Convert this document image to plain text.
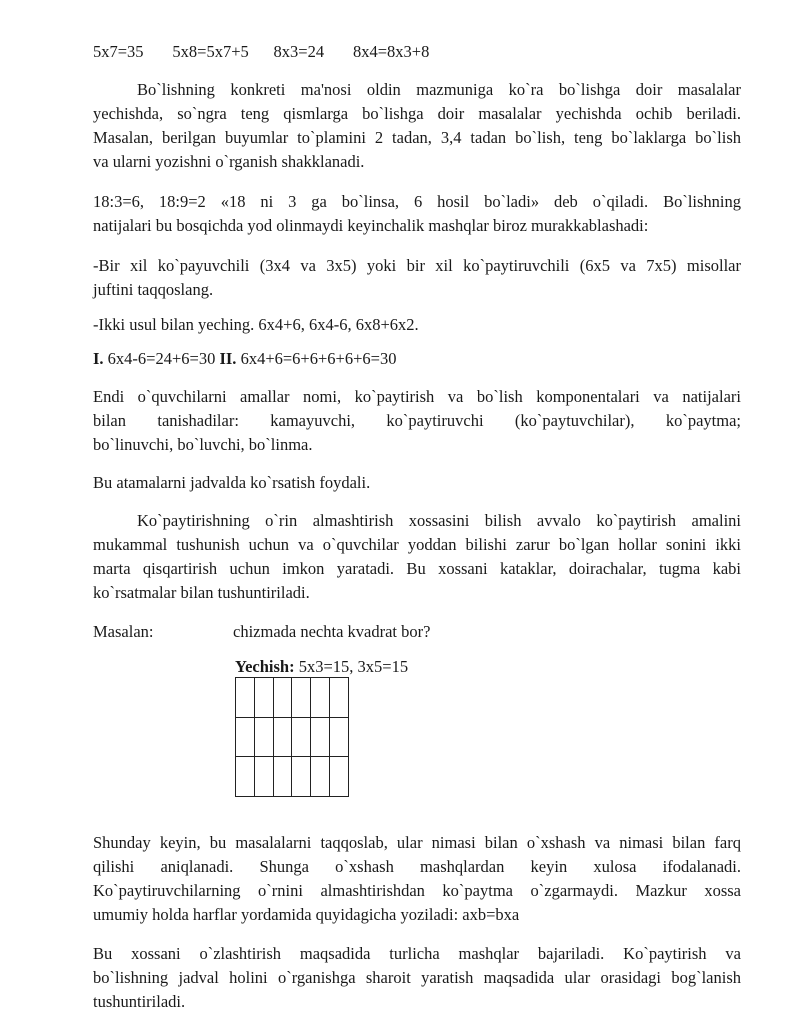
5x7=35       5x8=5x7+5      8x3=24       8x4=8x3+8
Bo`lishning konkreti ma'nosi oldin mazmuniga ko`ra bo`lishga doir masalalar
yechishda, so`ngra teng qismlarga bo`lishga doir masalalar yechishda ochib beriladi.
Masalan, berilgan buyumlar to`plamini 2 tadan, 3,4 tadan bo`lish, teng bo`laklarga bo`lish
va ularni yozishni o`rganish shakklanadi.
18:3=6, 18:9=2 «18 ni 3 ga bo`linsa, 6 hosil bo`ladi» deb o`qiladi. Bo`lishning
natijalari bu bosqichda yod olinmaydi keyinchalik mashqlar biroz murakkablashadi:
-Bir xil ko`payuvchili (3x4 va 3x5) yoki bir xil ko`paytiruvchili (6x5 va 7x5) misollar
juftini taqqoslang.
-Ikki usul bilan yeching. 6x4+6, 6x4-6, 6x8+6x2.
I. 6x4-6=24+6=30 II. 6x4+6=6+6+6+6+6=30
Endi o`quvchilarni amallar nomi, ko`paytirish va bo`lish komponentalari va natijalari
bilan tanishadilar: kamayuvchi, ko`paytiruvchi (ko`paytuvchilar), ko`paytma;
bo`linuvchi, bo`luvchi, bo`linma.
Bu atamalarni jadvalda ko`rsatish foydali.
Ko`paytirishning o`rin almashtirish xossasini bilish avvalo ko`paytirish amalini
mukammal tushunish uchun va o`quvchilar yoddan bilishi zarur bo`lgan hollar sonini ikki
marta qisqartirish uchun imkon yaratadi. Bu xossani kataklar, doirachalar, tugma kabi
ko`rsatmalar bilan tushuntiriladi.
Masalan:	chizmada nechta kvadrat bor?
Yechish: 5x3=15, 3x5=15

Shunday keyin, bu masalalarni taqqoslab, ular nimasi bilan o`xshash va nimasi bilan farq
qilishi aniqlanadi. Shunga o`xshash mashqlardan keyin xulosa ifodalanadi.
Ko`paytiruvchilarning o`rnini almashtirishdan ko`paytma o`zgarmaydi. Mazkur xossa
umumiy holda harflar yordamida quyidagicha yoziladi: axb=bxa
Bu xossani o`zlashtirish maqsadida turlicha mashqlar bajariladi. Ko`paytirish va
bo`lishning jadval holini o`rganishga sharoit yaratish maqsadida ular orasidagi bog`lanish
tushuntiriladi.
